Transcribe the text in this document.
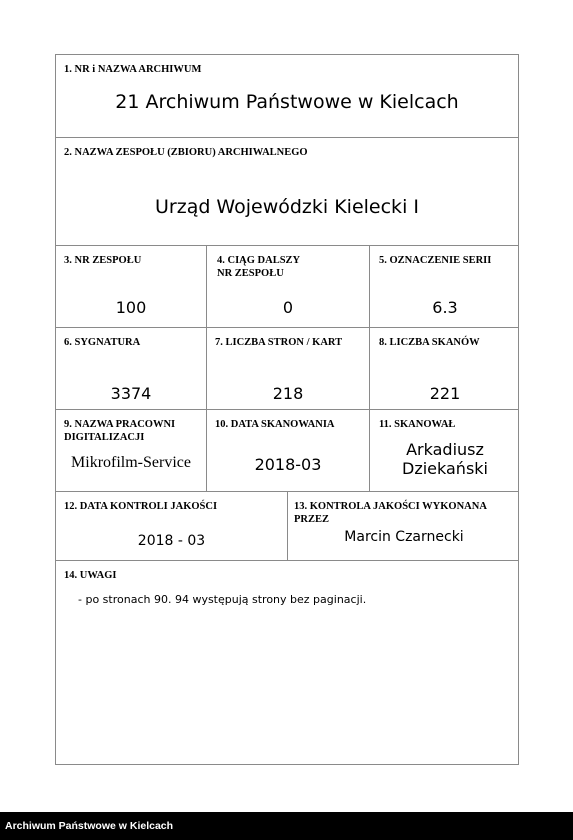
1. NR i NAZWA ARCHIWUM
21 Archiwum Państwowe w Kielcach
2. NAZWA ZESPOŁU (ZBIORU) ARCHIWALNEGO
Urząd Wojewódzki Kielecki I
3. NR ZESPOŁU
100
4. CIĄG DALSZY
NR ZESPOŁU
0
5. OZNACZENIE SERII
6.3
6. SYGNATURA
3374
7. LICZBA STRON / KART
218
8. LICZBA SKANÓW
221
9. NAZWA PRACOWNI
DIGITALIZACJI
Mikrofilm-Service
10. DATA SKANOWANIA
2018-03
11. SKANOWAŁ
Arkadiusz
Dziekański
12. DATA KONTROLI JAKOŚCI
2018 - 03
13. KONTROLA JAKOŚCI WYKONANA
PRZEZ
Marcin Czarnecki
14. UWAGI
- po stronach 90. 94 występują strony bez paginacji.
Archiwum Państwowe w Kielcach
